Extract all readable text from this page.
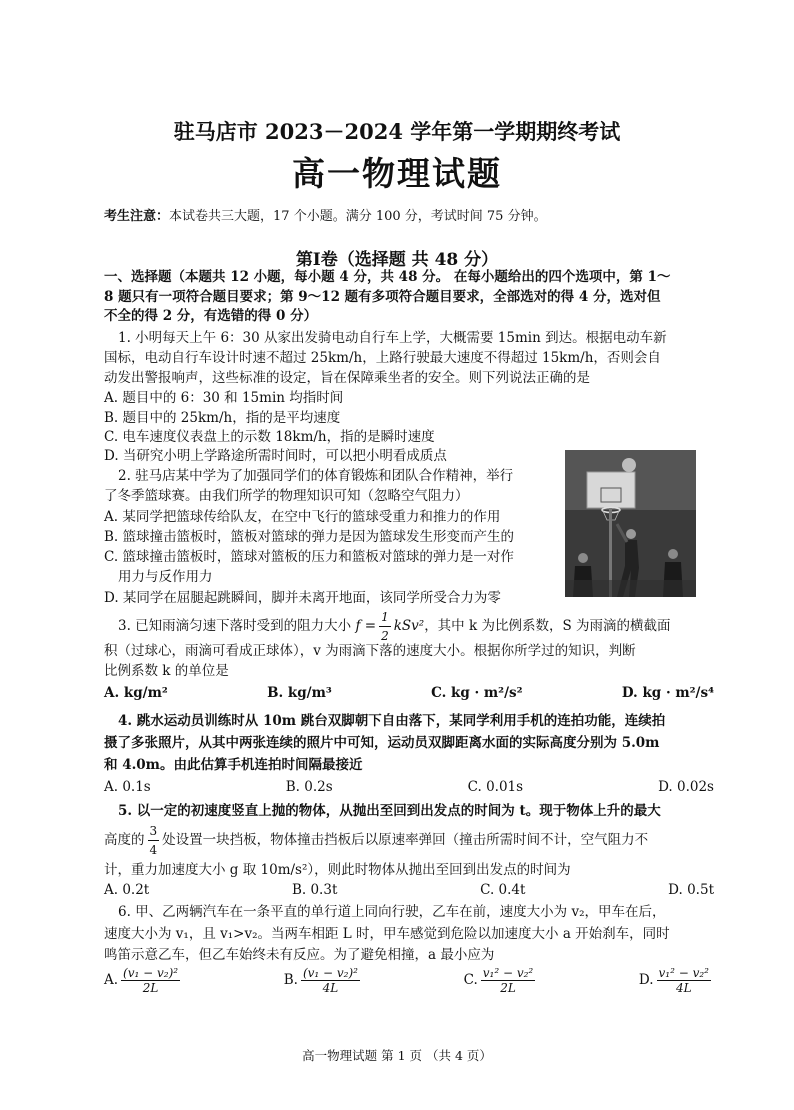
驻马店市 2023－2024 学年第一学期期终考试
高一物理试题
考生注意：本试卷共三大题，17 个小题。满分 100 分，考试时间 75 分钟。
第Ⅰ卷（选择题 共 48 分）
一、选择题（本题共 12 小题，每小题 4 分，共 48 分。 在每小题给出的四个选项中，第 1～
8 题只有一项符合题目要求；第 9～12 题有多项符合题目要求，全部选对的得 4 分，选对但
不全的得 2 分，有选错的得 0 分）
1. 小明每天上午 6：30 从家出发骑电动自行车上学，大概需要 15min 到达。根据电动车新
国标，电动自行车设计时速不超过 25km/h，上路行驶最大速度不得超过 15km/h，否则会自
动发出警报响声，这些标准的设定，旨在保障乘坐者的安全。则下列说法正确的是
A. 题目中的 6：30 和 15min 均指时间
B. 题目中的 25km/h，指的是平均速度
C. 电车速度仪表盘上的示数 18km/h，指的是瞬时速度
D. 当研究小明上学路途所需时间时，可以把小明看成质点
2. 驻马店某中学为了加强同学们的体育锻炼和团队合作精神，举行
了冬季篮球赛。由我们所学的物理知识可知（忽略空气阻力）
A. 某同学把篮球传给队友，在空中飞行的篮球受重力和推力的作用
B. 篮球撞击篮板时，篮板对篮球的弹力是因为篮球发生形变而产生的
C. 篮球撞击篮板时，篮球对篮板的压力和篮板对篮球的弹力是一对作
用力与反作用力
D. 某同学在屈腿起跳瞬间，脚并未离开地面，该同学所受合力为零
3. 已知雨滴匀速下落时受到的阻力大小 $f = \frac{1}{2} kSv^2$，其中 k 为比例系数，S 为雨滴的横截面
积（过球心，雨滴可看成正球体），v 为雨滴下落的速度大小。根据你所学过的知识，判断
比例系数 k 的单位是
A. kg/m²	B. kg/m³	C. kg · m²/s²	D. kg · m²/s⁴
4. 跳水运动员训练时从 10m 跳台双脚朝下自由落下，某同学利用手机的连拍功能，连续拍
摄了多张照片，从其中两张连续的照片中可知，运动员双脚距离水面的实际高度分别为 5.0m
和 4.0m。由此估算手机连拍时间隔最接近
A. 0.1s	B. 0.2s	C. 0.01s	D. 0.02s
5. 以一定的初速度竖直上抛的物体，从抛出至回到出发点的时间为 t。现于物体上升的最大
高度的 $\frac{3}{4}$ 处设置一块挡板，物体撞击挡板后以原速率弹回（撞击所需时间不计，空气阻力不
计，重力加速度大小 g 取 10m/s²），则此时物体从抛出至回到出发点的时间为
A. 0.2t	B. 0.3t	C. 0.4t	D. 0.5t
6. 甲、乙两辆汽车在一条平直的单行道上同向行驶，乙车在前，速度大小为 v₂，甲车在后，
速度大小为 v₁，且 v₁>v₂。当两车相距 L 时，甲车感觉到危险以加速度大小 a 开始刹车，同时
鸣笛示意乙车，但乙车始终未有反应。为了避免相撞，a 最小应为
A. $\frac{\text{(v₁ − v₂)²}}{2L}$	B. $\frac{\text{(v₁ − v₂)²}}{4L}$	C. $\frac{\text{v₁² − v₂²}}{2L}$	D. $\frac{\text{v₁² − v₂²}}{4L}$
高一物理试题 第 1 页 （共 4 页）
